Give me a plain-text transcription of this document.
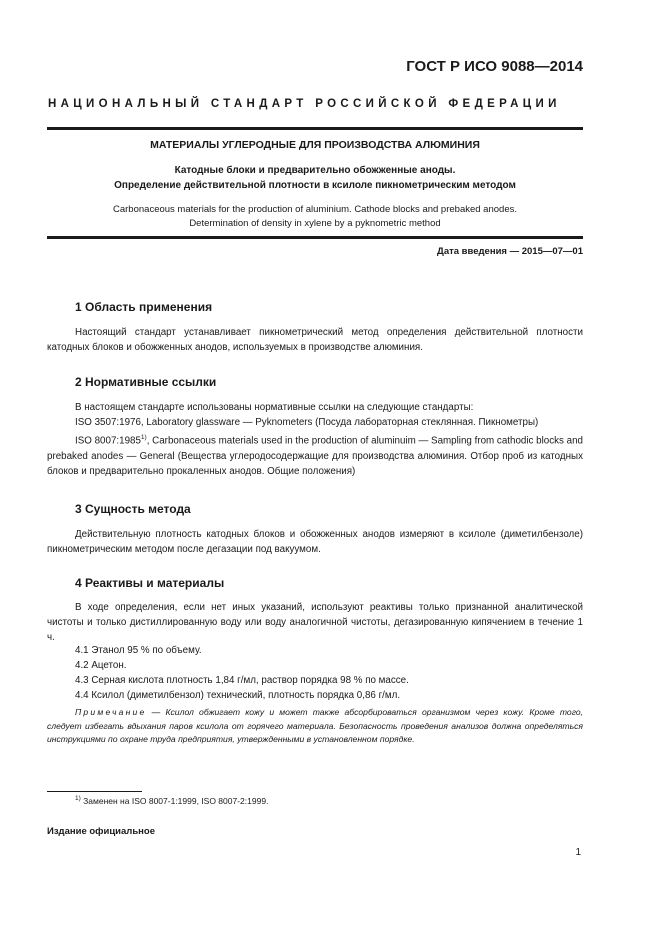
ГОСТ Р ИСО 9088—2014
НАЦИОНАЛЬНЫЙ СТАНДАРТ РОССИЙСКОЙ ФЕДЕРАЦИИ
МАТЕРИАЛЫ УГЛЕРОДНЫЕ ДЛЯ ПРОИЗВОДСТВА АЛЮМИНИЯ
Катодные блоки и предварительно обожженные аноды.
Определение действительной плотности в ксилоле пикнометрическим методом
Carbonaceous materials for the production of aluminium. Cathode blocks and prebaked anodes.
Determination of density in xylene by a pyknometric method
Дата введения — 2015—07—01
1 Область применения
Настоящий стандарт устанавливает пикнометрический метод определения действительной плотности катодных блоков и обожженных анодов, используемых в производстве алюминия.
2 Нормативные ссылки
В настоящем стандарте использованы нормативные ссылки на следующие стандарты:
ISO 3507:1976, Laboratory glassware — Pyknometers (Посуда лабораторная стеклянная. Пикнометры)
ISO 8007:1985$^{1)}$, Carbonaceous materials used in the production of aluminuim — Sampling from cathodic blocks and prebaked anodes — General (Вещества углеродосодержащие для производства алюминия. Отбор проб из катодных блоков и предварительно прокаленных анодов. Общие положения)
3 Сущность метода
Действительную плотность катодных блоков и обожженных анодов измеряют в ксилоле (диметилбензоле) пикнометрическим методом после дегазации под вакуумом.
4 Реактивы и материалы
В ходе определения, если нет иных указаний, используют реактивы только признанной аналитической чистоты и только дистиллированную воду или воду аналогичной чистоты, дегазированную кипячением в течение 1 ч.
4.1 Этанол 95 % по объему.
4.2 Ацетон.
4.3 Серная кислота плотность 1,84 г/мл, раствор порядка 98 % по массе.
4.4 Ксилол (диметилбензол) технический, плотность порядка 0,86 г/мл.
Примечание — Ксилол обжигает кожу и может также абсорбироваться организмом через кожу. Кроме того, следует избегать вдыхания паров ксилола от горячего материала. Безопасность проведения анализов должна определяться инструкциями по охране труда предприятия, утвержденными в установленном порядке.
$^{1)}$ Заменен на ISO 8007-1:1999, ISO 8007-2:1999.
Издание официальное
1
